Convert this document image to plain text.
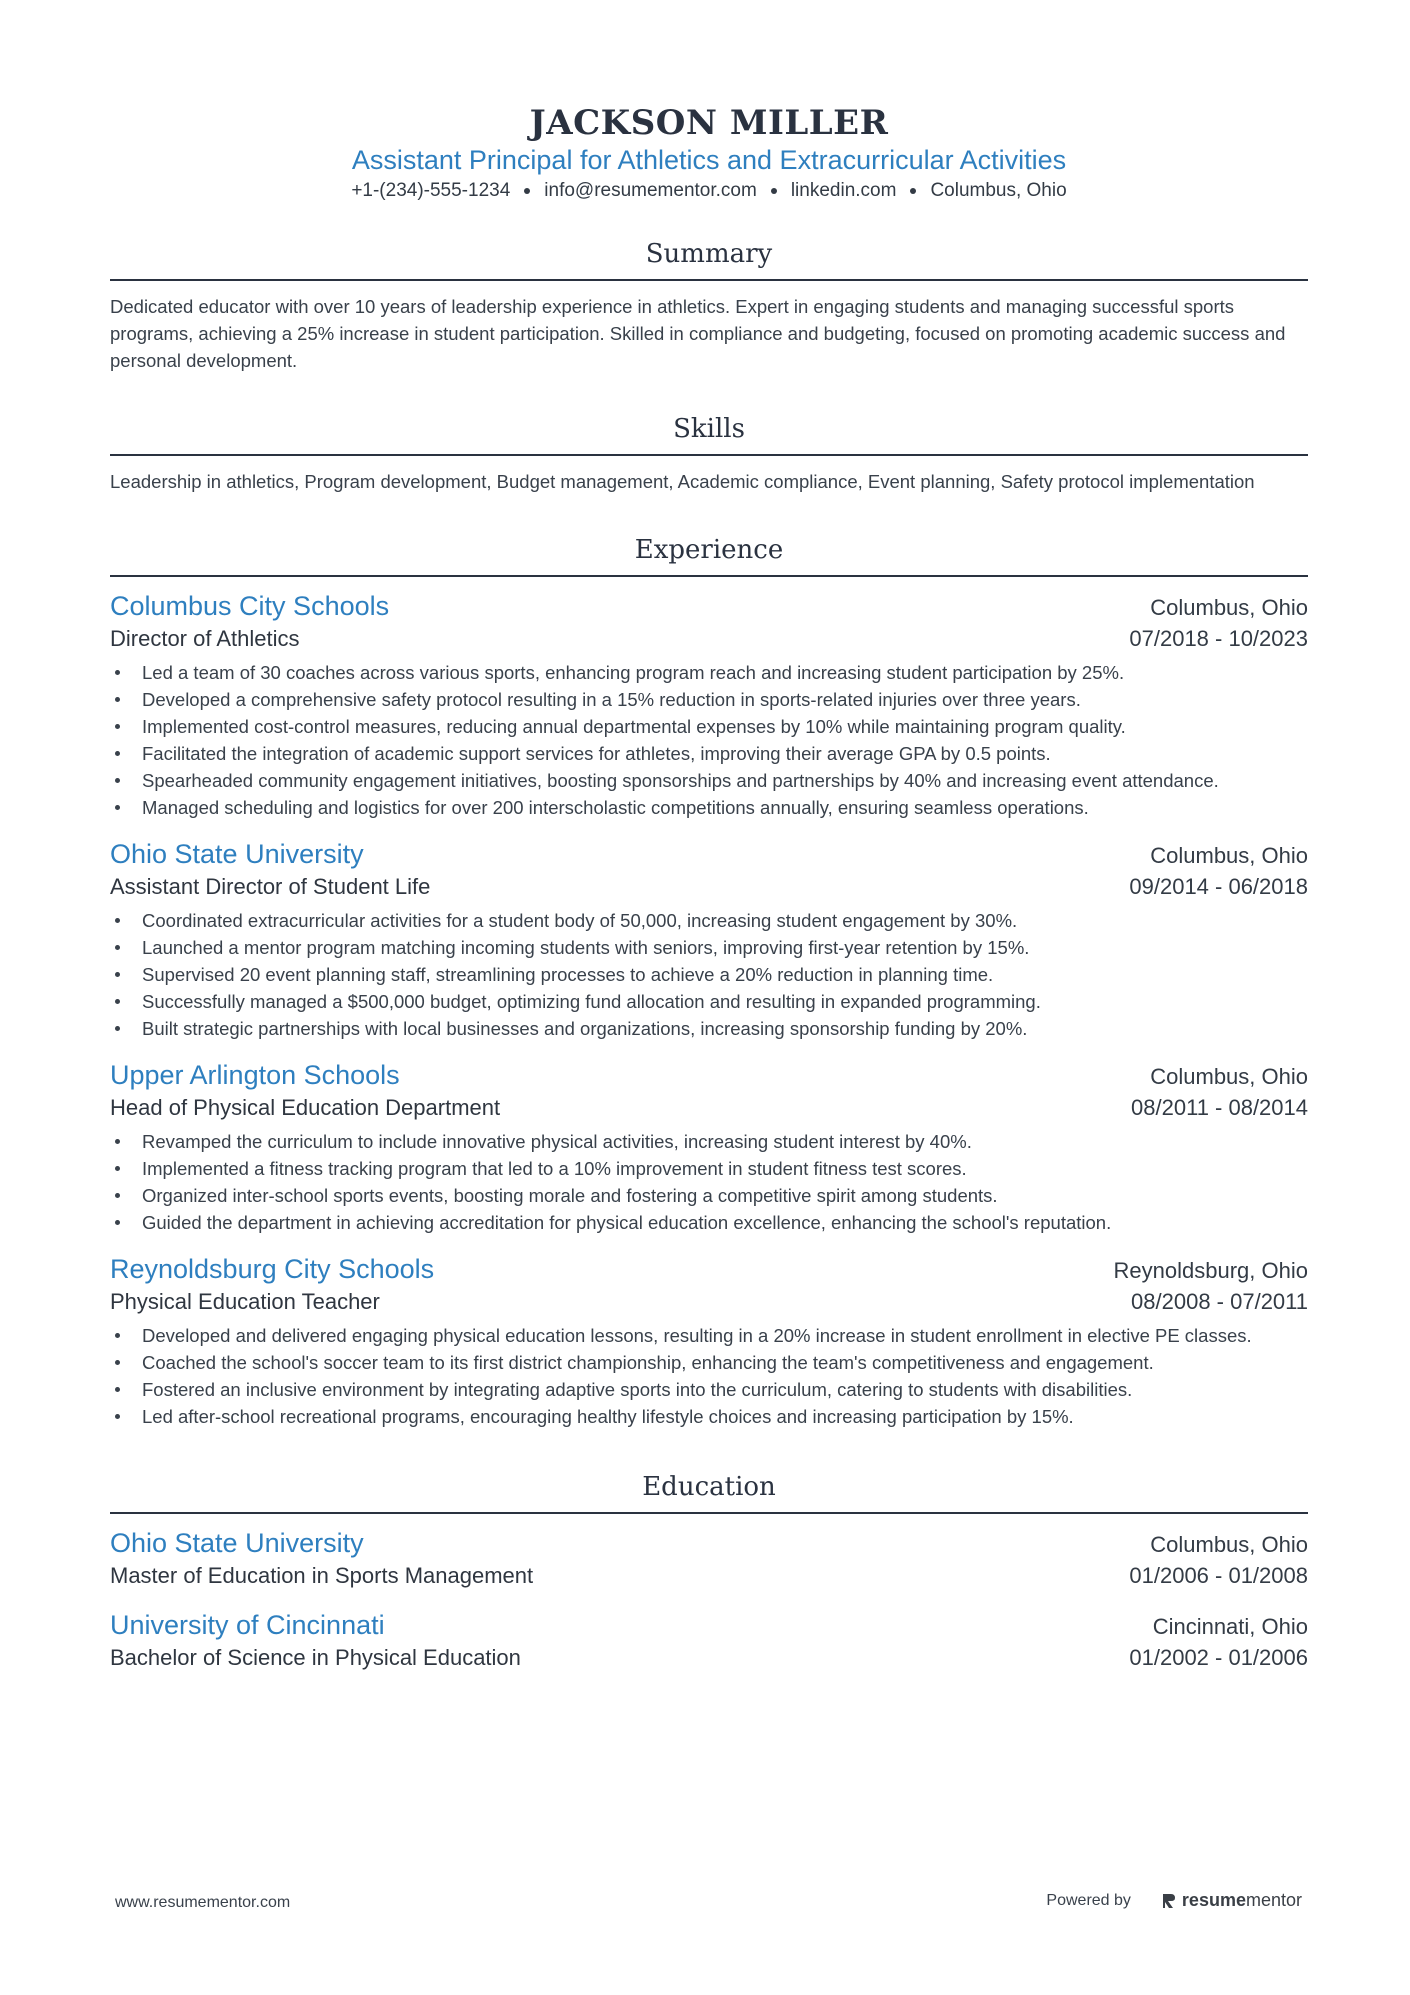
JACKSON MILLER
Assistant Principal for Athletics and Extracurricular Activities
+1-(234)-555-1234 info@resumementor.com linkedin.com Columbus, Ohio
Summary
Dedicated educator with over 10 years of leadership experience in athletics. Expert in engaging students and managing successful sports programs, achieving a 25% increase in student participation. Skilled in compliance and budgeting, focused on promoting academic success and personal development.
Skills
Leadership in athletics, Program development, Budget management, Academic compliance, Event planning, Safety protocol implementation
Experience
Columbus City Schools	Columbus, Ohio
Director of Athletics	07/2018 - 10/2023
Led a team of 30 coaches across various sports, enhancing program reach and increasing student participation by 25%.
Developed a comprehensive safety protocol resulting in a 15% reduction in sports-related injuries over three years.
Implemented cost-control measures, reducing annual departmental expenses by 10% while maintaining program quality.
Facilitated the integration of academic support services for athletes, improving their average GPA by 0.5 points.
Spearheaded community engagement initiatives, boosting sponsorships and partnerships by 40% and increasing event attendance.
Managed scheduling and logistics for over 200 interscholastic competitions annually, ensuring seamless operations.
Ohio State University	Columbus, Ohio
Assistant Director of Student Life	09/2014 - 06/2018
Coordinated extracurricular activities for a student body of 50,000, increasing student engagement by 30%.
Launched a mentor program matching incoming students with seniors, improving first-year retention by 15%.
Supervised 20 event planning staff, streamlining processes to achieve a 20% reduction in planning time.
Successfully managed a $500,000 budget, optimizing fund allocation and resulting in expanded programming.
Built strategic partnerships with local businesses and organizations, increasing sponsorship funding by 20%.
Upper Arlington Schools	Columbus, Ohio
Head of Physical Education Department	08/2011 - 08/2014
Revamped the curriculum to include innovative physical activities, increasing student interest by 40%.
Implemented a fitness tracking program that led to a 10% improvement in student fitness test scores.
Organized inter-school sports events, boosting morale and fostering a competitive spirit among students.
Guided the department in achieving accreditation for physical education excellence, enhancing the school's reputation.
Reynoldsburg City Schools	Reynoldsburg, Ohio
Physical Education Teacher	08/2008 - 07/2011
Developed and delivered engaging physical education lessons, resulting in a 20% increase in student enrollment in elective PE classes.
Coached the school's soccer team to its first district championship, enhancing the team's competitiveness and engagement.
Fostered an inclusive environment by integrating adaptive sports into the curriculum, catering to students with disabilities.
Led after-school recreational programs, encouraging healthy lifestyle choices and increasing participation by 15%.
Education
Ohio State University	Columbus, Ohio
Master of Education in Sports Management	01/2006 - 01/2008
University of Cincinnati	Cincinnati, Ohio
Bachelor of Science in Physical Education	01/2002 - 01/2006
www.resumementor.com	Powered by	resume mentor
